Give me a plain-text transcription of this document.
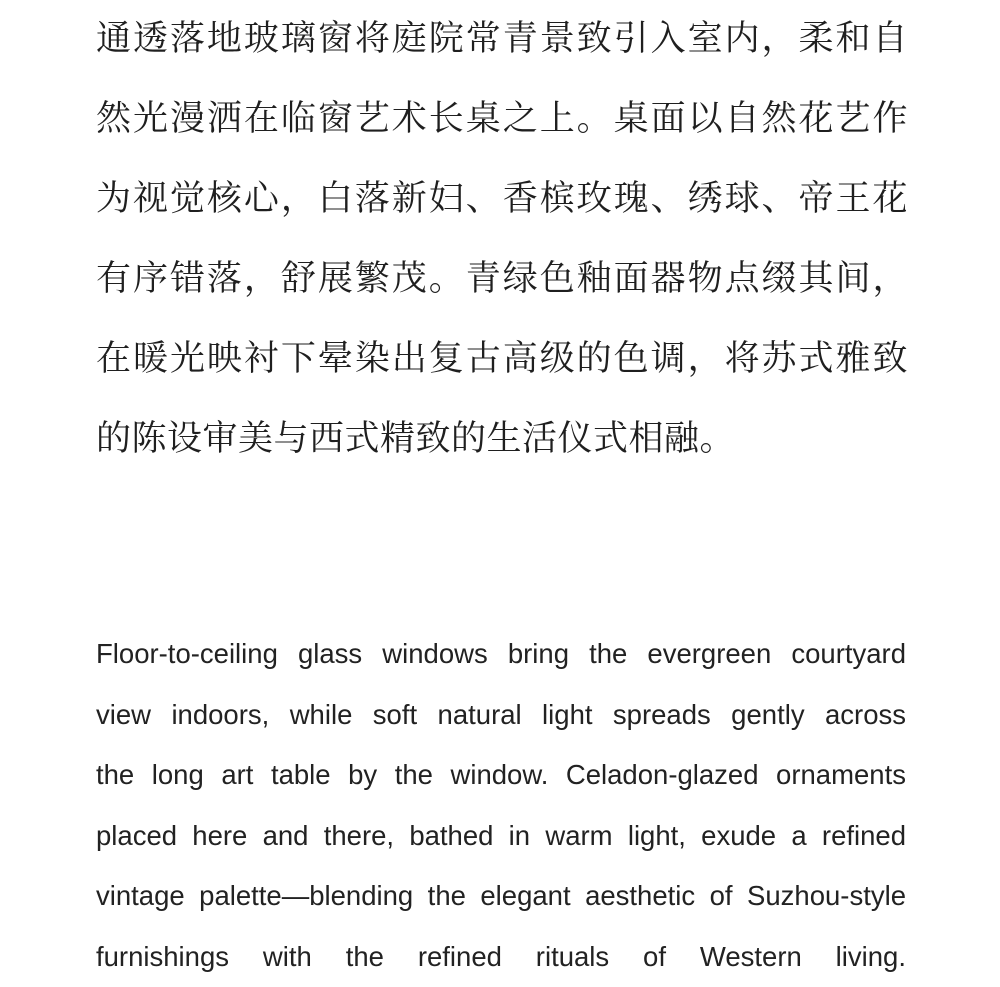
通透落地玻璃窗将庭院常青景致引入室内，柔和自
然光漫洒在临窗艺术长桌之上。桌面以自然花艺作
为视觉核心，白落新妇、香槟玫瑰、绣球、帝王花
有序错落，舒展繁茂。青绿色釉面器物点缀其间，
在暖光映衬下晕染出复古高级的色调，将苏式雅致
的陈设审美与西式精致的生活仪式相融。
Floor-to-ceiling glass windows bring the evergreen courtyard
view indoors, while soft natural light spreads gently across
the long art table by the window. Celadon-glazed ornaments
placed here and there, bathed in warm light, exude a refined
vintage palette—blending the elegant aesthetic of Suzhou-style
furnishings with the refined rituals of Western living.
